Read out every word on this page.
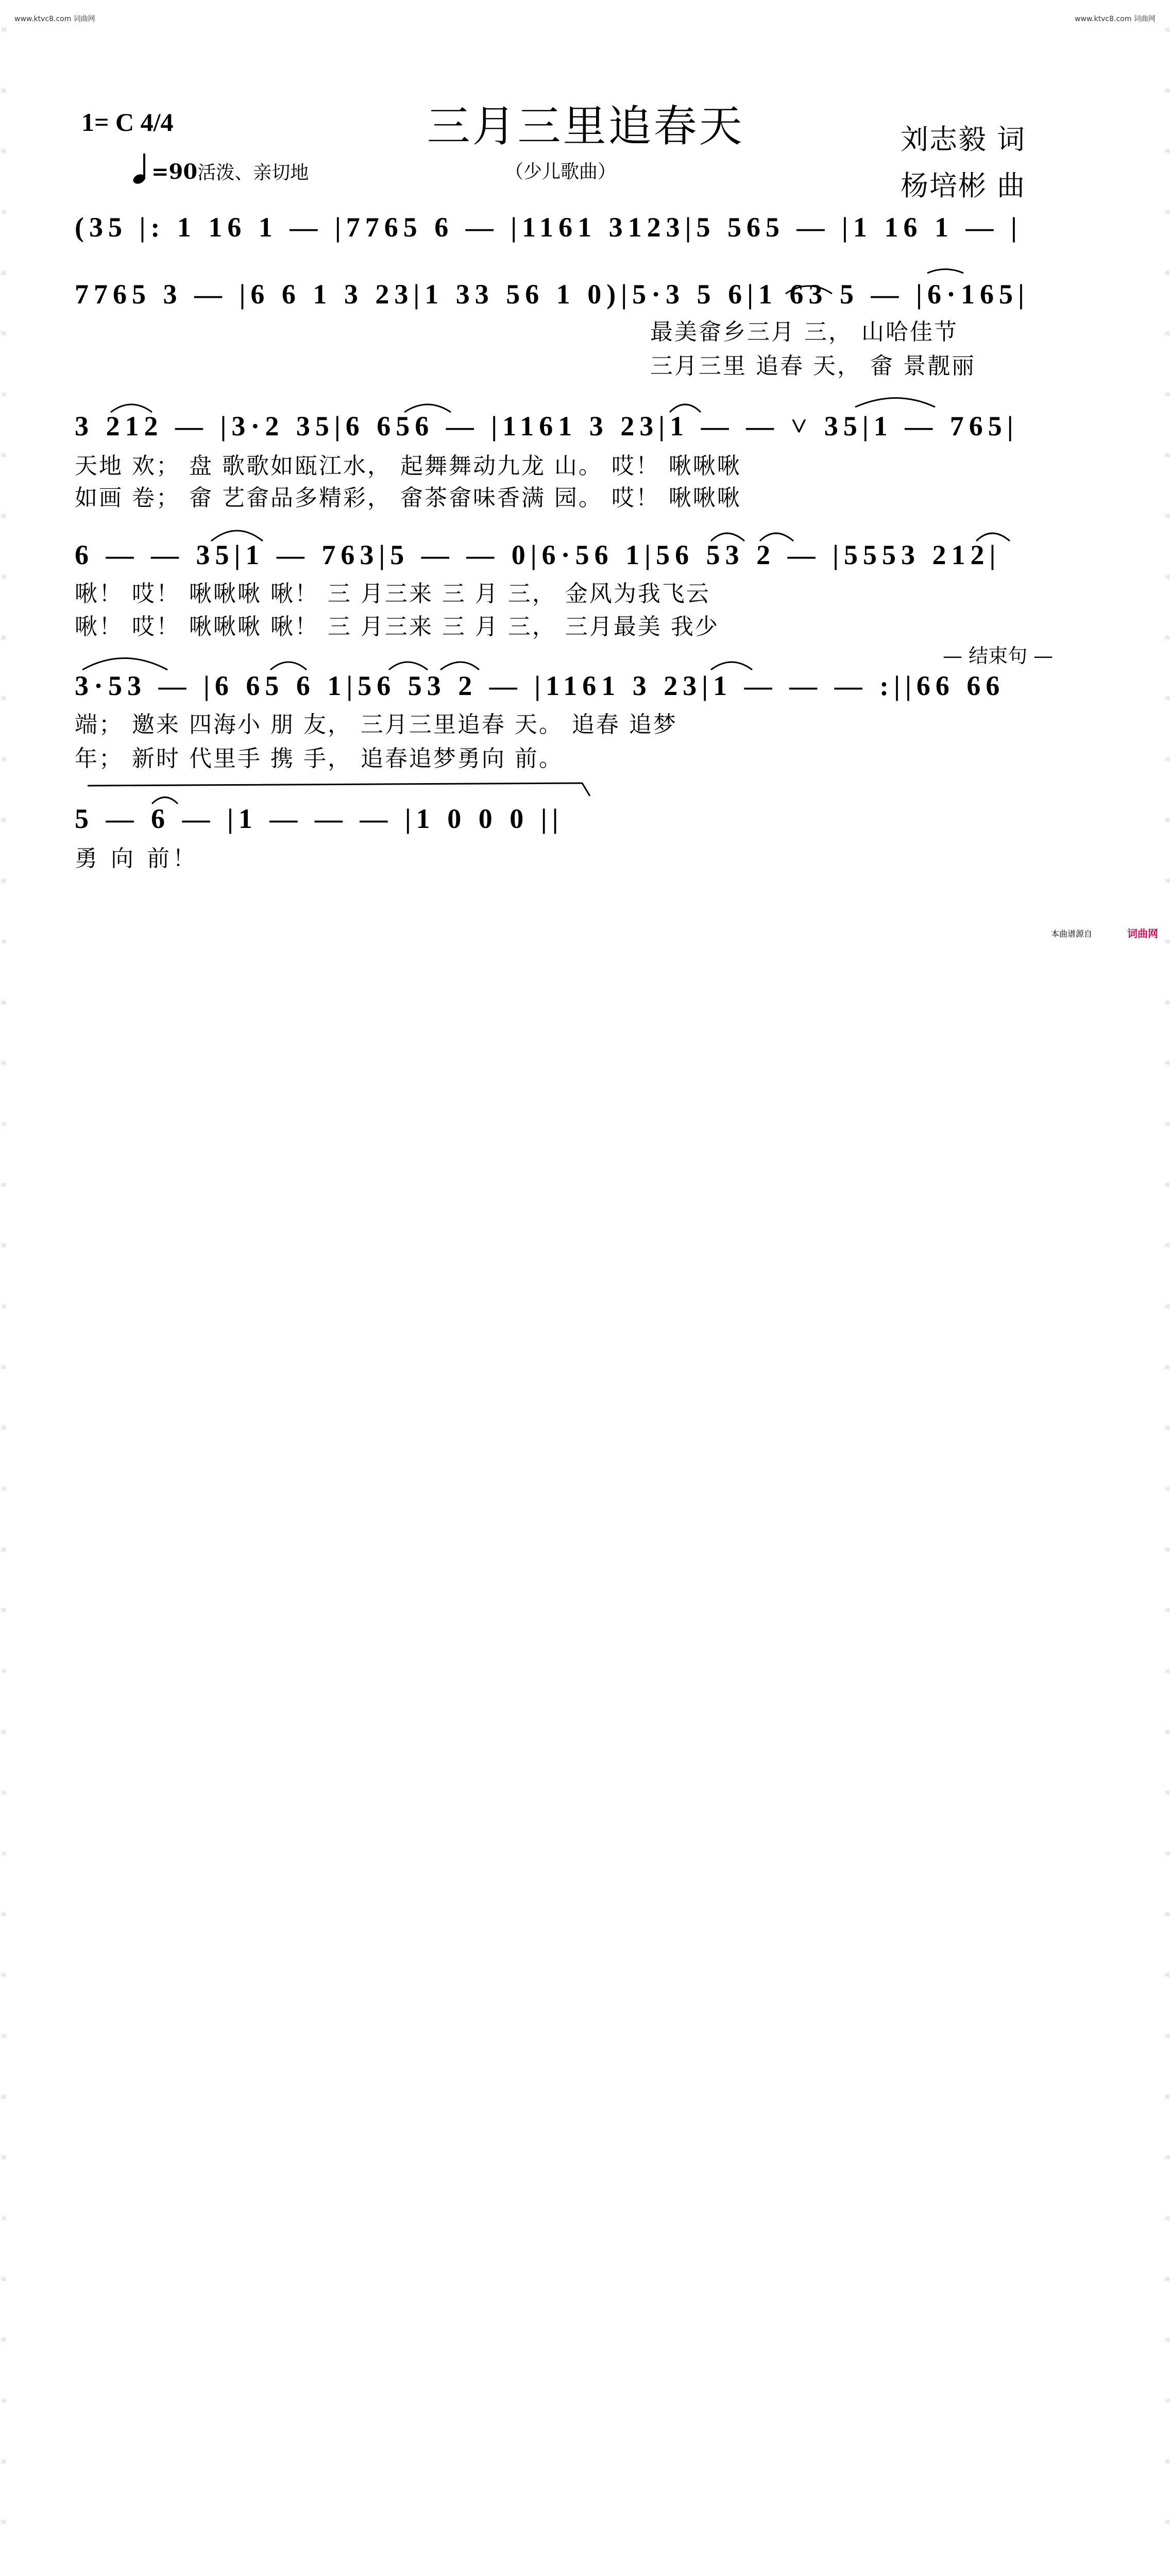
词曲网
词曲网
词曲网
词曲网
词曲网
词曲网
词曲网
词曲网
词曲网
词曲网
词曲网
词曲网
词曲网
词曲网
词曲网
词曲网
词曲网
词曲网
词曲网
词曲网
词曲网
词曲网
词曲网
词曲网
词曲网
词曲网
词曲网
词曲网
www.ktvc8.com 词曲网	www.ktvc8.com 词曲网
三月三里追春天
1= C 4/4
=90活泼、亲切地	（少儿歌曲）
刘志毅 词
杨培彬 曲
(35 |: 1 16 1 — |7765 6 — |1161 3123|5 565 — |1 16 1 — |
7765 3 — |6 6 1 3 23|1 33 56 1 0)|5·3 5 6|1 63 5 — |6·165|
最美畲乡三月 三， 山哈佳节
三月三里 追春 天， 畲 景靓丽
3 212 — |3·2 35|6 656 — |1161 3 23|1 — — ˅ 35|1 — 765|
天地 欢； 盘 歌歌如瓯江水， 起舞舞动九龙 山。 哎！ 啾啾啾
如画 卷； 畲 艺畲品多精彩， 畲茶畲味香满 园。 哎！ 啾啾啾
6 — — 35|1 — 763|5 — — 0|6·56 1|56 53 2 — |5553 212|
啾！ 哎！ 啾啾啾 啾！ 三 月三来 三 月 三， 金风为我飞云
啾！ 哎！ 啾啾啾 啾！ 三 月三来 三 月 三， 三月最美 我少
— 结束句 —
3·53 — |6 65 6 1|56 53 2 — |1161 3 23|1 — — — :||66 66
端； 邀来 四海小 朋 友， 三月三里追春 天。 追春 追梦
年； 新时 代里手 携 手， 追春追梦勇向 前。
5 — 6 — |1 — — — |1 0 0 0 ||
勇 向 前！
本曲谱源自	词曲网
